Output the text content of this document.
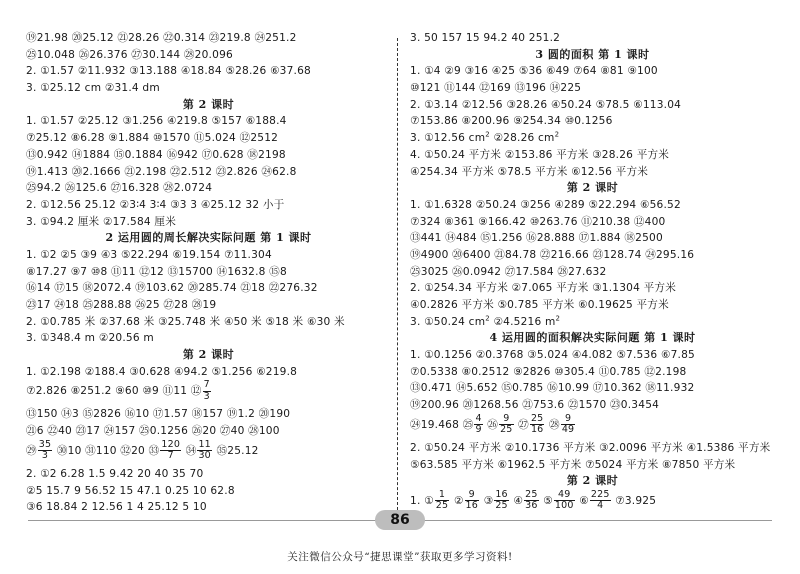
⑲21.98 ⑳25.12 ㉑28.26 ㉒0.314 ㉓219.8 ㉔251.2
㉕10.048 ㉖26.376 ㉗30.144 ㉘20.096
2. ①1.57 ②11.932 ③13.188 ④18.84 ⑤28.26 ⑥37.68
3. ①25.12 cm ②31.4 dm
第 2 课时
1. ①1.57 ②25.12 ③1.256 ④219.8 ⑤157 ⑥188.4
⑦25.12 ⑧6.28 ⑨1.884 ⑩1570 ⑪5.024 ⑫2512
⑬0.942 ⑭1884 ⑮0.1884 ⑯942 ⑰0.628 ⑱2198
⑲1.413 ⑳2.1666 ㉑2.198 ㉒2.512 ㉓2.826 ㉔62.8
㉕94.2 ㉖125.6 ㉗16.328 ㉘2.0724
2. ①12.56 25.12 ②3∶4 3∶4 ③3 3 ④25.12 32 小于
3. ①94.2 厘米 ②17.584 厘米
2 运用圆的周长解决实际问题 第 1 课时
1. ①2 ②5 ③9 ④3 ⑤22.294 ⑥19.154 ⑦11.304
⑧17.27 ⑨7 ⑩8 ⑪11 ⑫12 ⑬15700 ⑭1632.8 ⑮8
⑯14 ⑰15 ⑱2072.4 ⑲103.62 ⑳285.74 ㉑18 ㉒276.32
㉓17 ㉔18 ㉕288.88 ㉖25 ㉗28 ㉘19
2. ①0.785 米 ②37.68 米 ③25.748 米 ④50 米 ⑤18 米 ⑥30 米
3. ①348.4 m ②20.56 m
第 2 课时
1. ①2.198 ②188.4 ③0.628 ④94.2 ⑤1.256 ⑥219.8
⑦2.826 ⑧251.2 ⑨60 ⑩9 ⑪11 ⑫ $\frac{7}{3}$
⑬150 ⑭3 ⑮2826 ⑯10 ⑰1.57 ⑱157 ⑲1.2 ⑳190
㉑6 ㉒40 ㉓17 ㉔157 ㉕0.1256 ㉖20 ㉗40 ㉘100
㉙ $\frac{35}{3}$ ㉚10 ㉛110 ㉜20 ㉝ $\frac{120}{7}$ ㉞ $\frac{11}{30}$ ㉟25.12
2. ①2 6.28 1.5 9.42 20 40 35 70
②5 15.7 9 56.52 15 47.1 0.25 10 62.8
③6 18.84 2 12.56 1 4 25.12 5 10
3. 50 157 15 94.2 40 251.2
3 圆的面积 第 1 课时
1. ①4 ②9 ③16 ④25 ⑤36 ⑥49 ⑦64 ⑧81 ⑨100
⑩121 ⑪144 ⑫169 ⑬196 ⑭225
2. ①3.14 ②12.56 ③28.26 ④50.24 ⑤78.5 ⑥113.04
⑦153.86 ⑧200.96 ⑨254.34 ⑩0.1256
3. ①12.56 $cm^2$ ②28.26 $cm^2$
4. ①50.24 平方米 ②153.86 平方米 ③28.26 平方米
④254.34 平方米 ⑤78.5 平方米 ⑥12.56 平方米
第 2 课时
1. ①1.6328 ②50.24 ③256 ④289 ⑤22.294 ⑥56.52
⑦324 ⑧361 ⑨166.42 ⑩263.76 ⑪210.38 ⑫400
⑬441 ⑭484 ⑮1.256 ⑯28.888 ⑰1.884 ⑱2500
⑲4900 ⑳6400 ㉑84.78 ㉒216.66 ㉓128.74 ㉔295.16
㉕3025 ㉖0.0942 ㉗17.584 ㉘27.632
2. ①254.34 平方米 ②7.065 平方米 ③1.1304 平方米
④0.2826 平方米 ⑤0.785 平方米 ⑥0.19625 平方米
3. ①50.24 $cm^2$ ②4.5216 $m^2$
4 运用圆的面积解决实际问题 第 1 课时
1. ①0.1256 ②0.3768 ③5.024 ④4.082 ⑤7.536 ⑥7.85
⑦0.5338 ⑧0.2512 ⑨2826 ⑩305.4 ⑪0.785 ⑫2.198
⑬0.471 ⑭5.652 ⑮0.785 ⑯10.99 ⑰10.362 ⑱11.932
⑲200.96 ⑳1268.56 ㉑753.6 ㉒1570 ㉓0.3454
㉔19.468 ㉕ $\frac{4}{9}$ ㉖ $\frac{9}{25}$ ㉗ $\frac{25}{16}$ ㉘ $\frac{9}{49}$
2. ①50.24 平方米 ②10.1736 平方米 ③2.0096 平方米 ④1.5386 平方米
⑤63.585 平方米 ⑥1962.5 平方米 ⑦5024 平方米 ⑧7850 平方米
第 2 课时
1. ① $\frac{1}{25}$ ② $\frac{9}{16}$ ③ $\frac{16}{25}$ ④ $\frac{25}{36}$ ⑤ $\frac{49}{100}$ ⑥ $\frac{225}{4}$ ⑦3.925
86
关注微信公众号“捷思课堂”获取更多学习资料!
